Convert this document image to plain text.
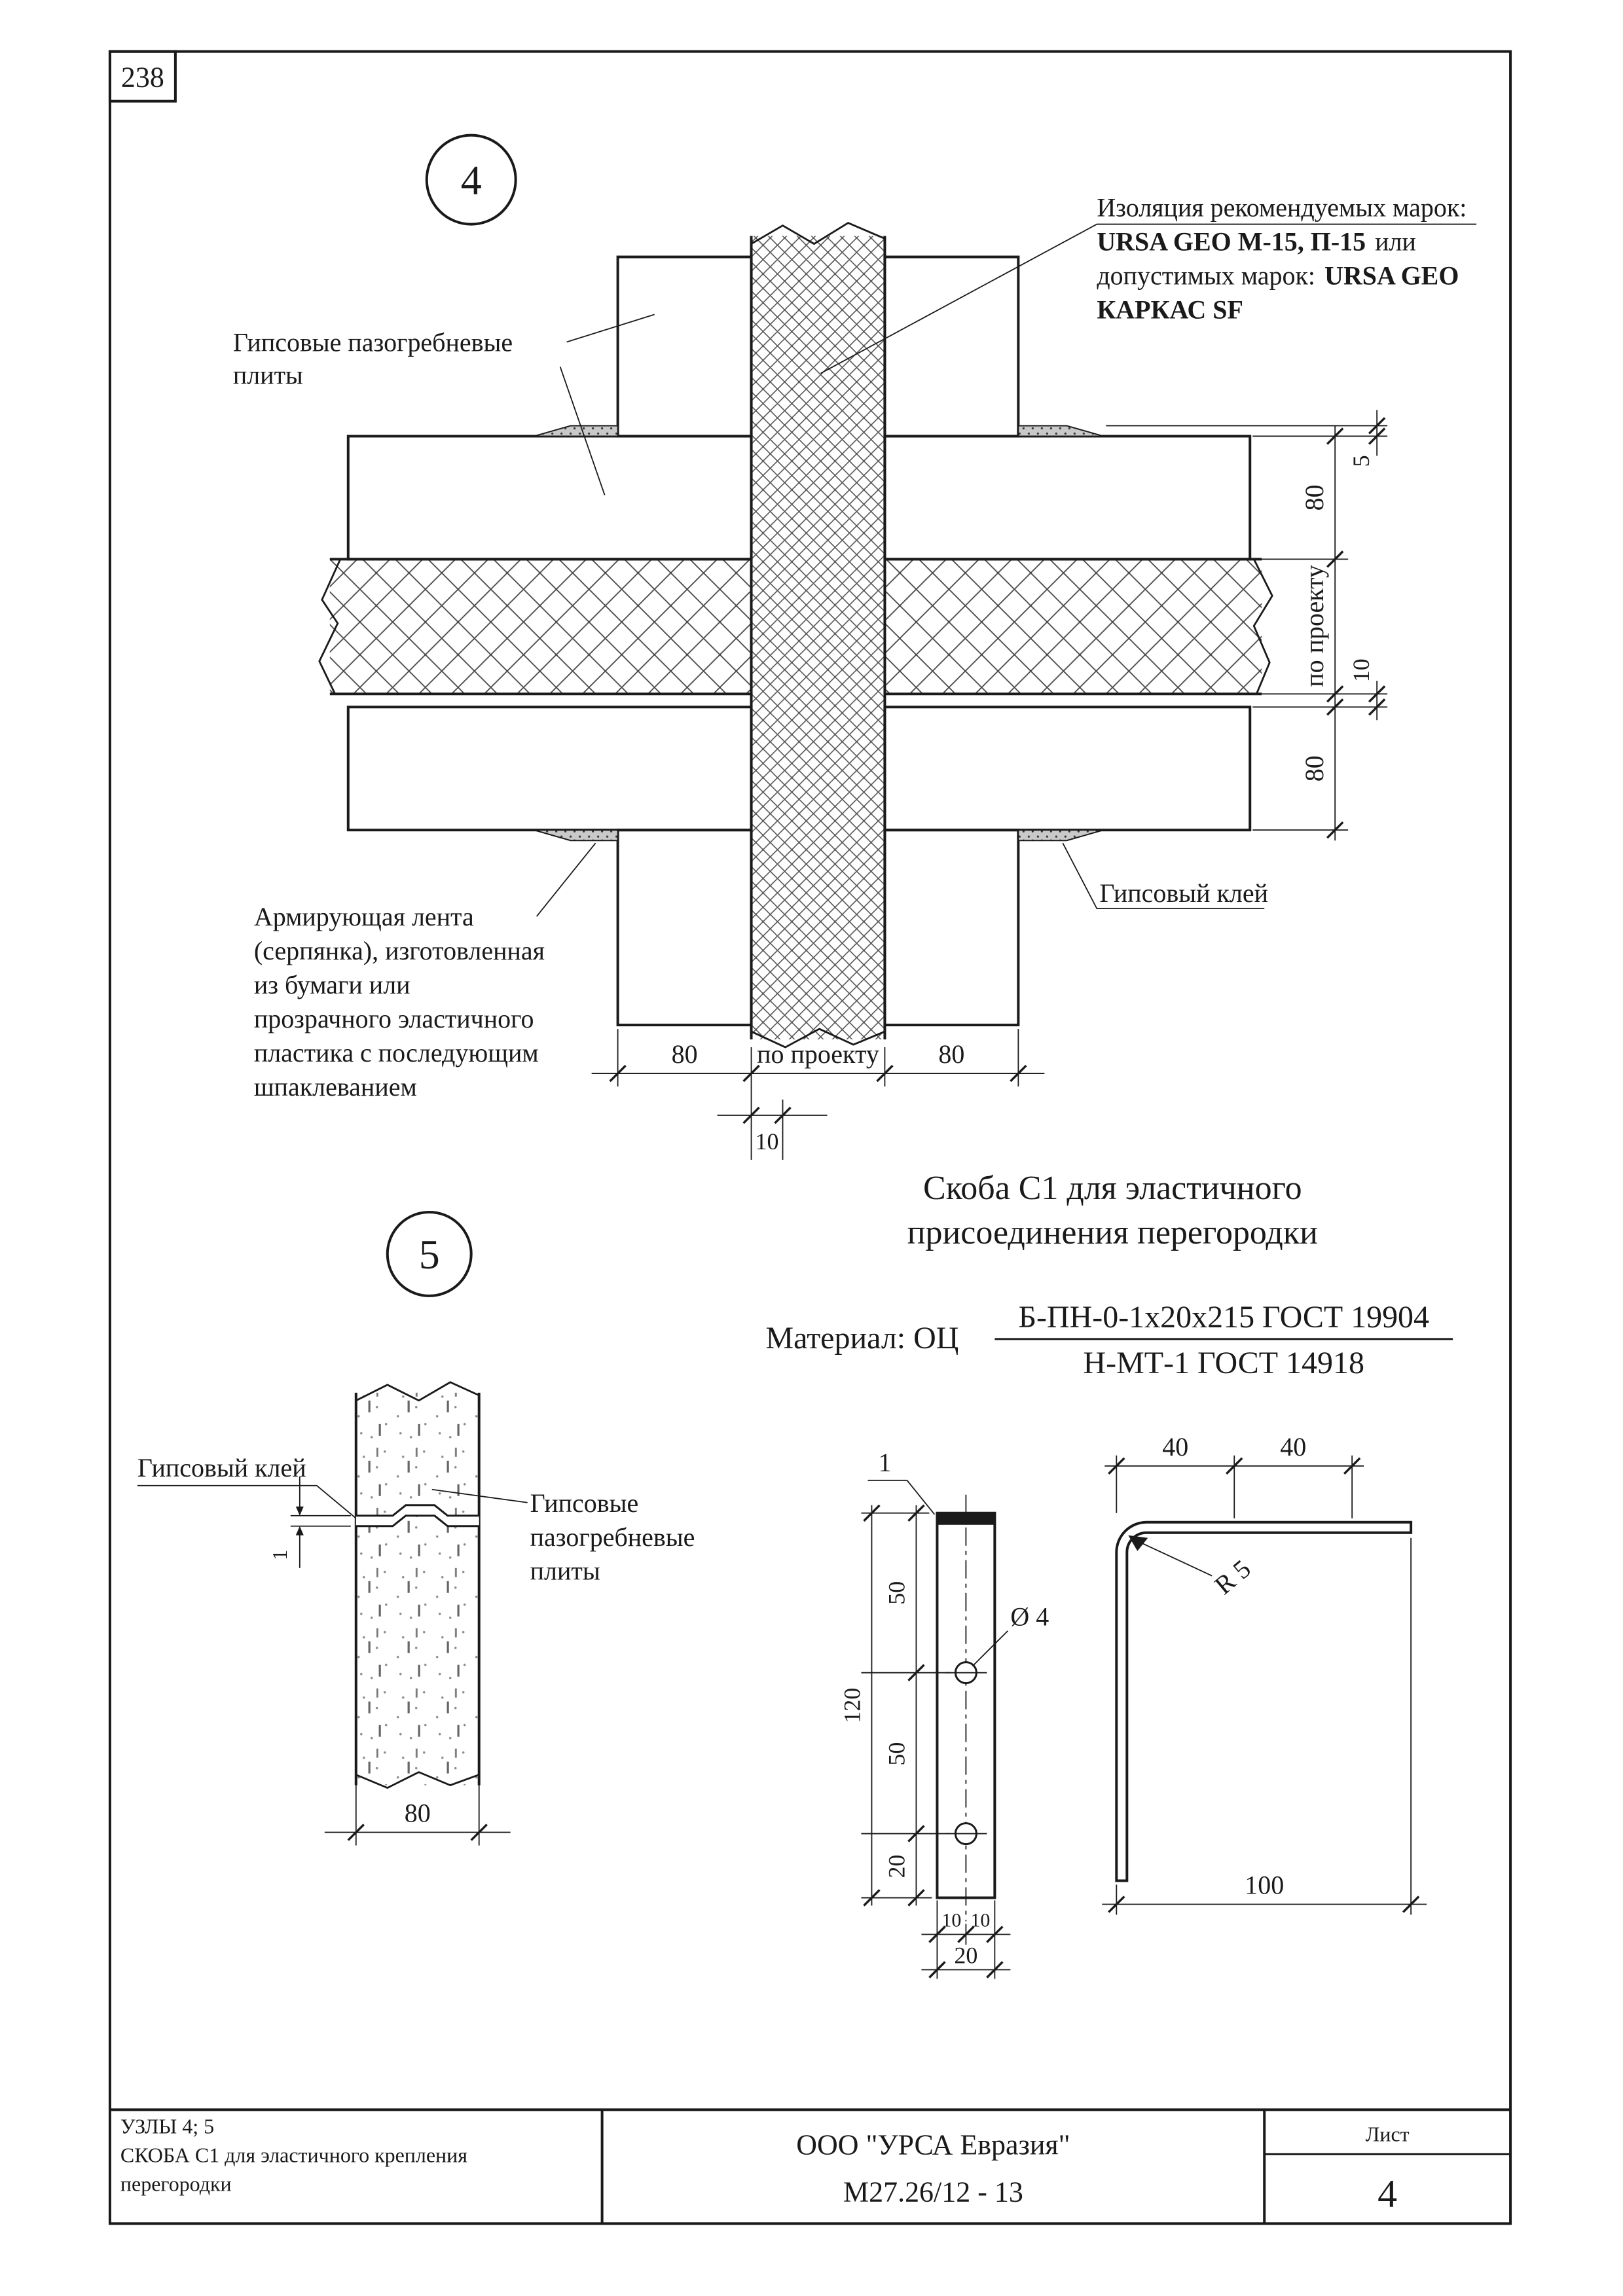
238
4
5
80
по проекту 10
80
80	по проекту	80
10
Изоляция рекомендуемых марок:
URSA GEO М-15, П-15 или
допустимых марок: URSA GEO
КАРКАС SF
Гипсовые пазогребневые
плиты
Армирующая лента
(серпянка), изготовленная
из бумаги или
прозрачного эластичного
пластика с последующим
шпаклеванием
Гипсовый клей
Скоба С1 для эластичного
присоединения перегородки
Материал: ОЦ
Б-ПН-0-1х20х215 ГОСТ 19904
Н-МТ-1 ГОСТ 14918
5
1
80
Гипсовый клей
Гипсовые
пазогребневые
плиты
50
50
20
120
10 10
20
1
Ø 4
40	40
R 5
100
УЗЛЫ 4; 5
СКОБА С1 для эластичного крепления
перегородки
ООО "УРСА Евразия"
М27.26/12 - 13
Лист
4
